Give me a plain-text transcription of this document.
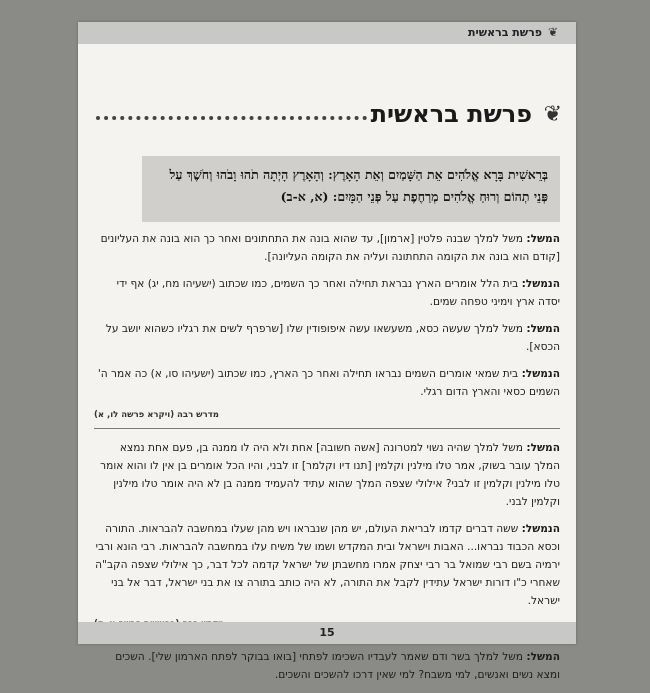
פרשת בראשית ❦
❦
פרשת בראשית
בְּרֵאשִׁית בָּרָא אֱלֹהִים אֵת הַשָּׁמַיִם וְאֵת הָאָרֶץ: וְהָאָרֶץ הָיְתָה תֹהוּ וָבֹהוּ וְחֹשֶׁךְ עַל פְּנֵי תְהוֹם וְרוּחַ אֱלֹהִים מְרַחֶפֶת עַל פְּנֵי הַמָּיִם: (א, א-ב)

המשל: משל למלך שבנה פלטין [ארמון], עד שהוא בונה את התחתונים ואחר כך הוא בונה את העליונים [קודם הוא בונה את הקומה התחתונה ועליה את הקומה העליונה].

הנמשל: בית הלל אומרים הארץ נבראת תחילה ואחר כך השמים, כמו שכתוב (ישעיהו מח, יג) אף ידי יסדה ארץ וימיני טפחה שמים.

המשל: משל למלך שעשה כסא, משעשאו עשה איפופודין שלו [שרפרף לשים את רגליו כשהוא יושב על הכסא].

הנמשל: בית שמאי אומרים השמים נבראו תחילה ואחר כך הארץ, כמו שכתוב (ישעיהו סו, א) כה אמר ה' השמים כסאי והארץ הדום רגלי.

מדרש רבה (ויקרא פרשה לו, א)

המשל: משל למלך שהיה נשוי למטרונה [אשה חשובה] אחת ולא היה לו ממנה בן, פעם אחת נמצא המלך עובר בשוק, אמר טלו מילנין וקלמין [תנו דיו וקלמר] זו לבני, והיו הכל אומרים בן אין לו והוא אומר טלו מילנין וקלמין זו לבני? אילולי שצפה המלך שהוא עתיד להעמיד ממנה בן לא היה אומר טלו מילנין וקלמין לבני.

הנמשל: ששה דברים קדמו לבריאת העולם, יש מהן שנבראו ויש מהן שעלו במחשבה להבראות. התורה וכסא הכבוד נבראו... האבות וישראל ובית המקדש ושמו של משיח עלו במחשבה להבראות. רבי הונא ורבי ירמיה בשם רבי שמואל בר רבי יצחק אמרו מחשבתן של ישראל קדמה לכל דבר, כך אילולי שצפה הקב"ה שאחרי כ"ו דורות ישראל עתידין לקבל את התורה, לא היה כותב בתורה צו את בני ישראל, דבר אל בני ישראל.

המשל: משל למלך בשר ודם שאמר לעבדיו השכימו לפתחי [בואו בבוקר לפתח הארמון שלי]. השכים ומצא נשים ואנשים, למי משבח? למי שאין דרכו להשכים והשכים.

15
